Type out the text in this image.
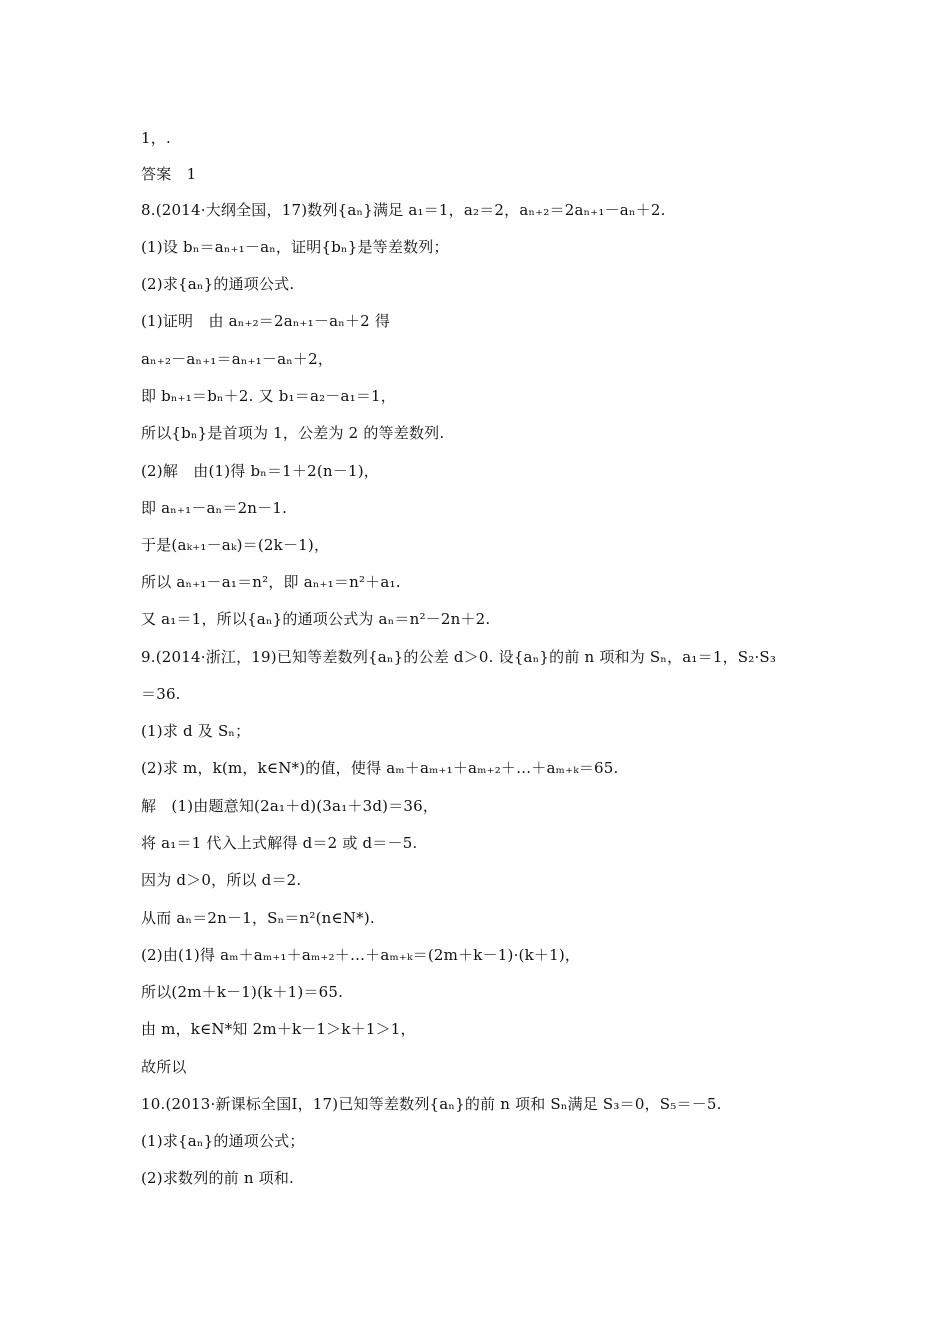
1，.
答案　1
8.(2014·大纲全国，17)数列{aₙ}满足 a₁＝1，a₂＝2，aₙ₊₂＝2aₙ₊₁－aₙ＋2.
(1)设 bₙ＝aₙ₊₁－aₙ，证明{bₙ}是等差数列；
(2)求{aₙ}的通项公式.
(1)证明　由 aₙ₊₂＝2aₙ₊₁－aₙ＋2 得
aₙ₊₂－aₙ₊₁＝aₙ₊₁－aₙ＋2，
即 bₙ₊₁＝bₙ＋2. 又 b₁＝a₂－a₁＝1，
所以{bₙ}是首项为 1，公差为 2 的等差数列.
(2)解　由(1)得 bₙ＝1＋2(n－1)，
即 aₙ₊₁－aₙ＝2n－1.
于是(aₖ₊₁－aₖ)＝(2k－1)，
所以 aₙ₊₁－a₁＝n²，即 aₙ₊₁＝n²＋a₁.
又 a₁＝1，所以{aₙ}的通项公式为 aₙ＝n²－2n＋2.
9.(2014·浙江，19)已知等差数列{aₙ}的公差 d＞0. 设{aₙ}的前 n 项和为 Sₙ，a₁＝1，S₂·S₃
＝36.
(1)求 d 及 Sₙ；
(2)求 m，k(m，k∈N*)的值，使得 aₘ＋aₘ₊₁＋aₘ₊₂＋…＋aₘ₊ₖ＝65.
解　(1)由题意知(2a₁＋d)(3a₁＋3d)＝36，
将 a₁＝1 代入上式解得 d＝2 或 d＝－5.
因为 d＞0，所以 d＝2.
从而 aₙ＝2n－1，Sₙ＝n²(n∈N*).
(2)由(1)得 aₘ＋aₘ₊₁＋aₘ₊₂＋…＋aₘ₊ₖ＝(2m＋k－1)·(k＋1)，
所以(2m＋k－1)(k＋1)＝65.
由 m，k∈N*知 2m＋k－1＞k＋1＞1，
故所以
10.(2013·新课标全国Ⅰ，17)已知等差数列{aₙ}的前 n 项和 Sₙ满足 S₃＝0，S₅＝－5.
(1)求{aₙ}的通项公式；
(2)求数列的前 n 项和.
